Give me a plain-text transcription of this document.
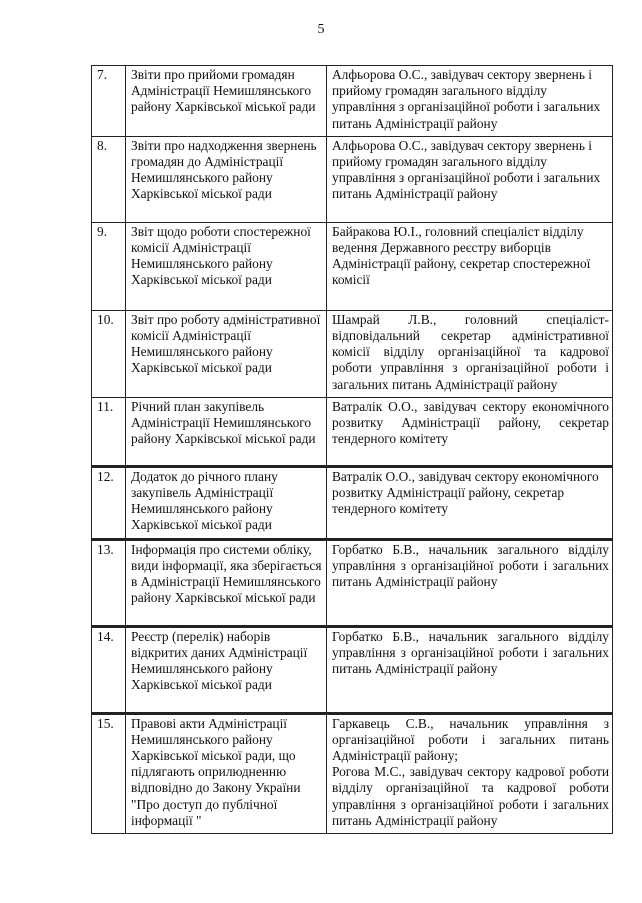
5
7.	Звіти про прийоми громадян Адміністрації Немишлянського району Харківської міської ради	Алфьорова О.С., завідувач сектору звернень і прийому громадян загального відділу управління з організаційної роботи і загальних питань Адміністрації району

8.	Звіти про надходження звернень громадян до Адміністрації Немишлянського району Харківської міської ради	Алфьорова О.С., завідувач сектору звернень і прийому громадян загального відділу управління з організаційної роботи і загальних питань Адміністрації району

9.	Звіт щодо роботи спостережної комісії Адміністрації Немишлянського району Харківської міської ради	Байракова Ю.І., головний спеціаліст відділу ведення Державного реєстру виборців Адміністрації району, секретар спостережної комісії

10.	Звіт про роботу адміністративної комісії Адміністрації Немишлянського району Харківської міської ради	Шамрай Л.В., головний спеціаліст-відповідальний секретар адміністративної комісії відділу організаційної та кадрової роботи управління з організаційної роботи і загальних питань Адміністрації району

11.	Річний план закупівель Адміністрації Немишлянського району Харківської міської ради	Ватралік О.О., завідувач сектору економічного розвитку Адміністрації району, секретар тендерного комітету

12.	Додаток до річного плану закупівель Адміністрації Немишлянського району Харківської міської ради	Ватралік О.О., завідувач сектору економічного розвитку Адміністрації району, секретар тендерного комітету

13.	Інформація про системи обліку, види інформації, яка зберігається в Адміністрації Немишлянського району Харківської міської ради	Горбатко Б.В., начальник загального відділу управління з організаційної роботи і загальних питань Адміністрації району

14.	Реєстр (перелік) наборів відкритих даних Адміністрації Немишлянського району Харківської міської ради	Горбатко Б.В., начальник загального відділу управління з організаційної роботи і загальних питань Адміністрації району

15.	Правові акти Адміністрації Немишлянського району Харківської міської ради, що підлягають оприлюдненню відповідно до Закону України "Про доступ до публічної інформації "	Гаркавець С.В., начальник управління з організаційної роботи і загальних питань Адміністрації району;
Рогова М.С., завідувач сектору кадрової роботи відділу організаційної та кадрової роботи управління з організаційної роботи і загальних питань Адміністрації району
